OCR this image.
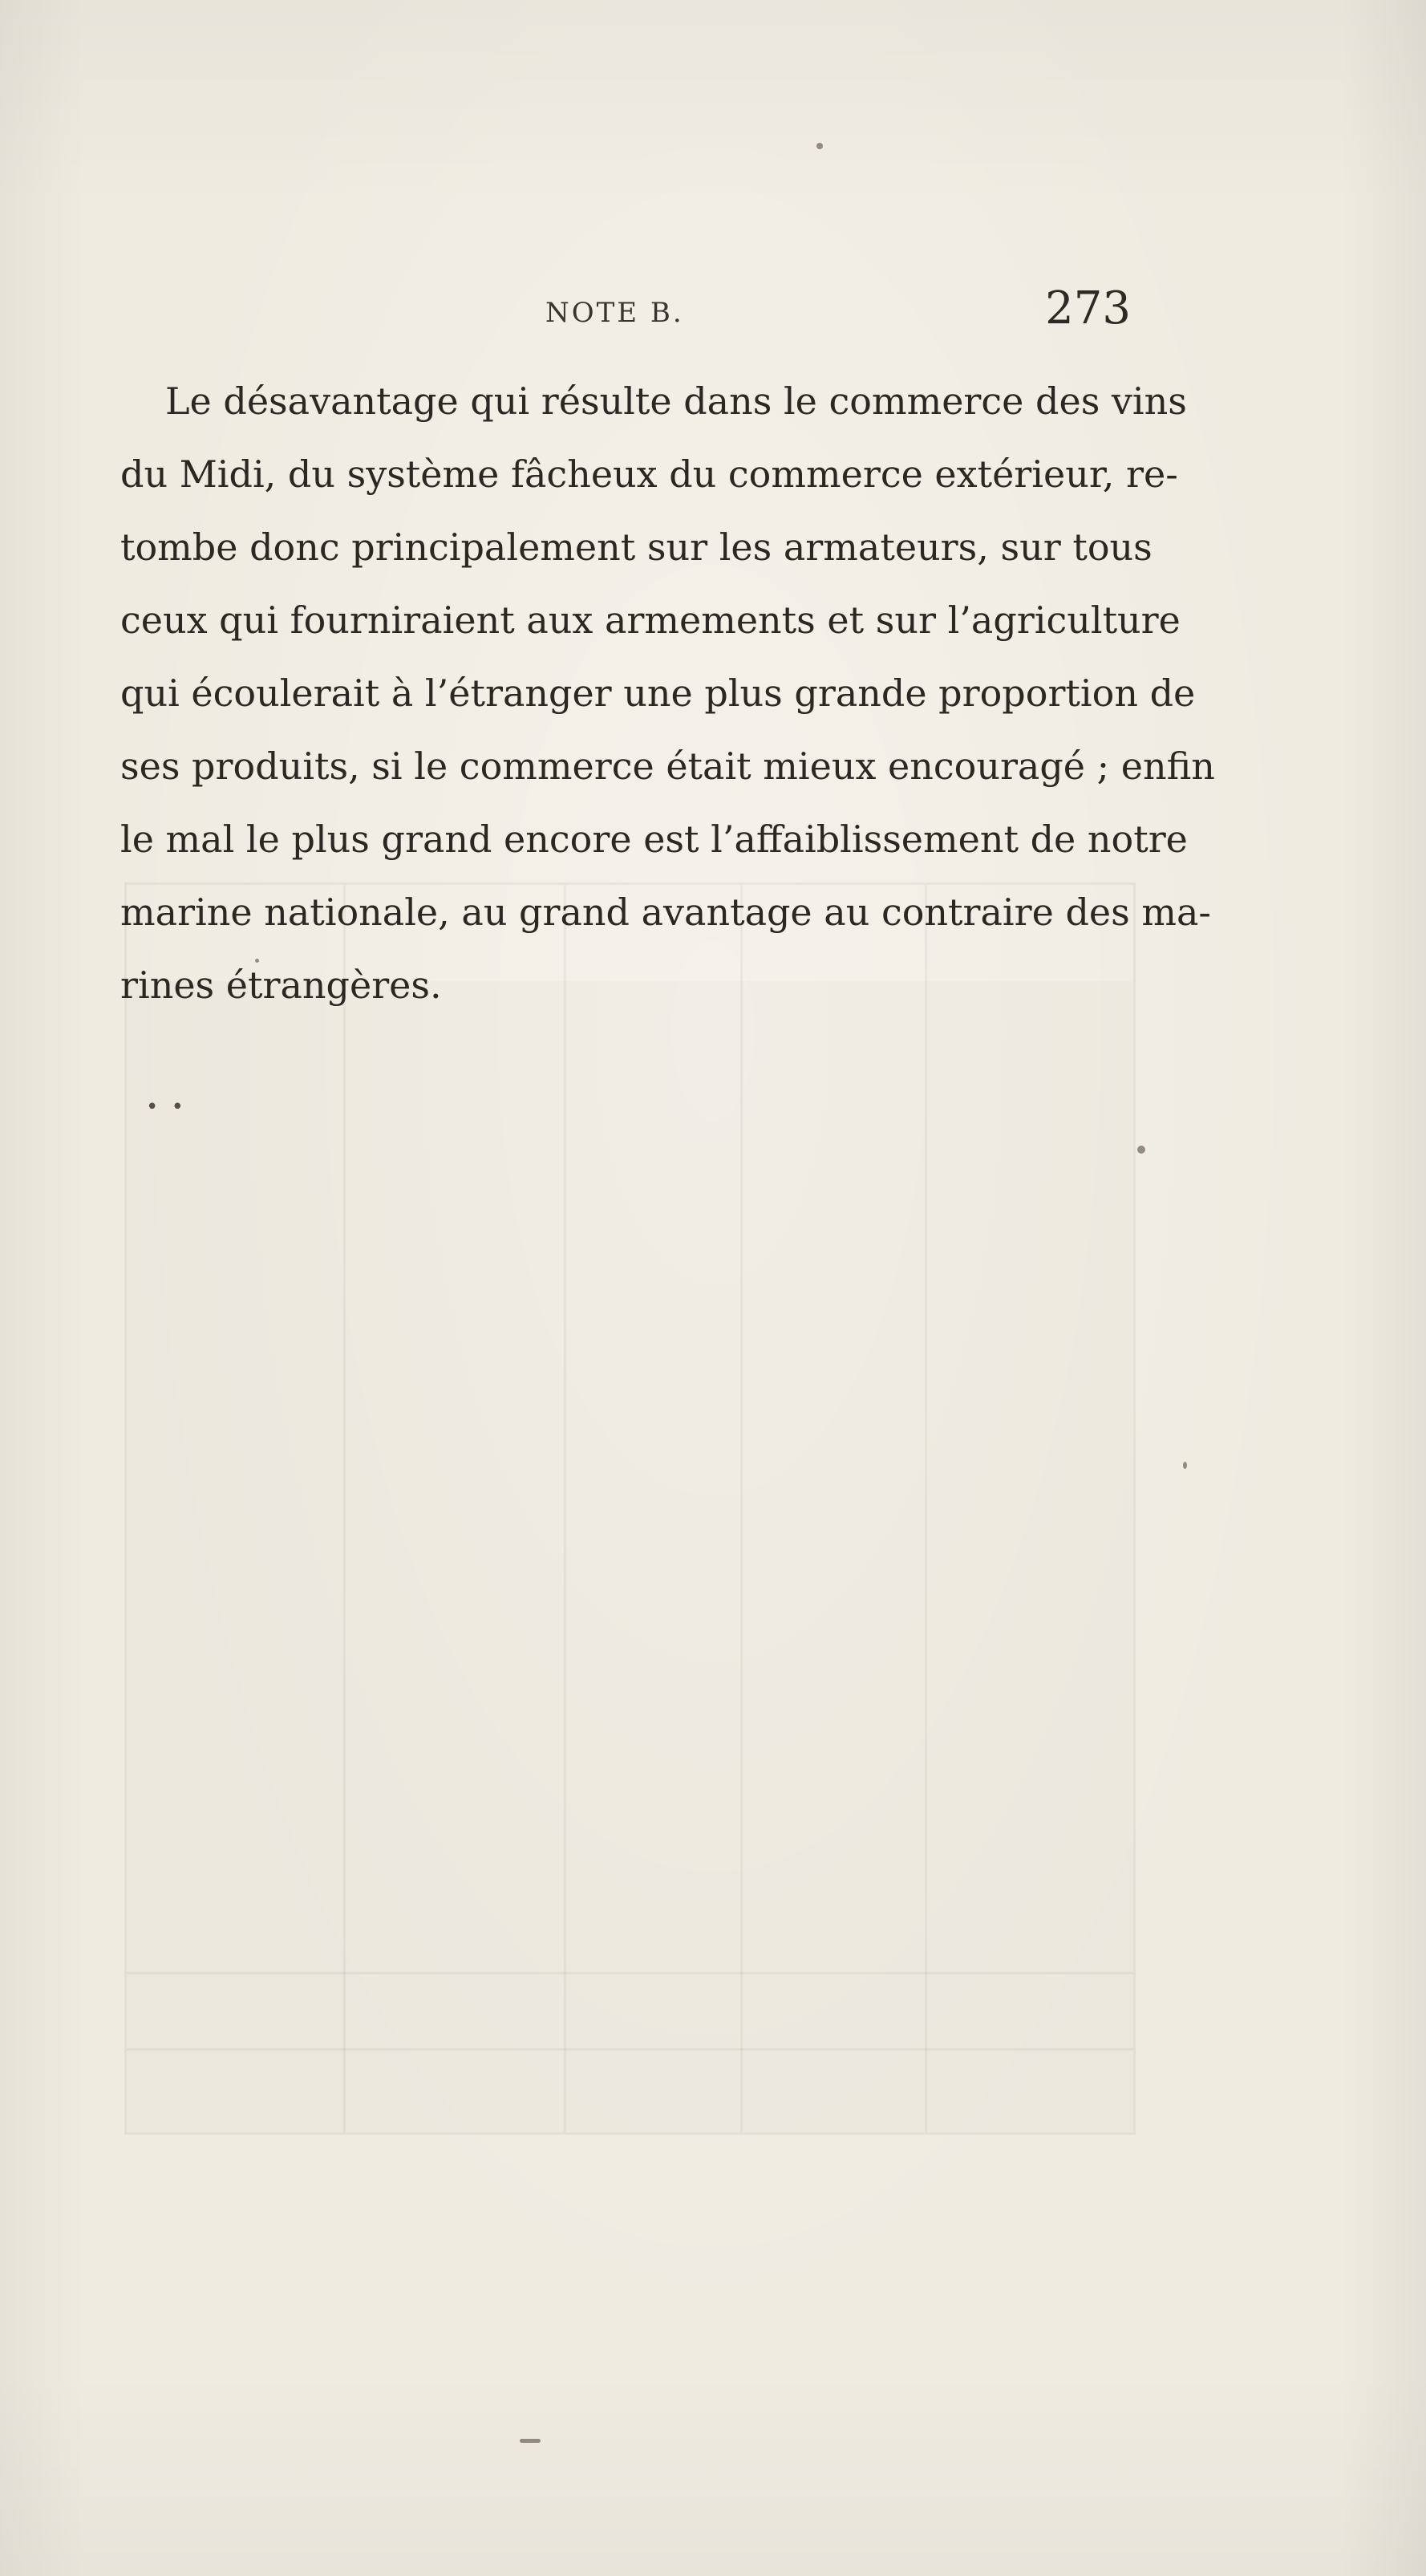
NOTE B.	273
Le désavantage qui résulte dans le commerce des vins
du Midi, du système fâcheux du commerce extérieur, re-
tombe donc principalement sur les armateurs, sur tous
ceux qui fourniraient aux armements et sur l’agriculture
qui écoulerait à l’étranger une plus grande proportion de
ses produits, si le commerce était mieux encouragé ; enfin
le mal le plus grand encore est l’affaiblissement de notre
marine nationale, au grand avantage au contraire des ma-
rines étrangères.
• •
